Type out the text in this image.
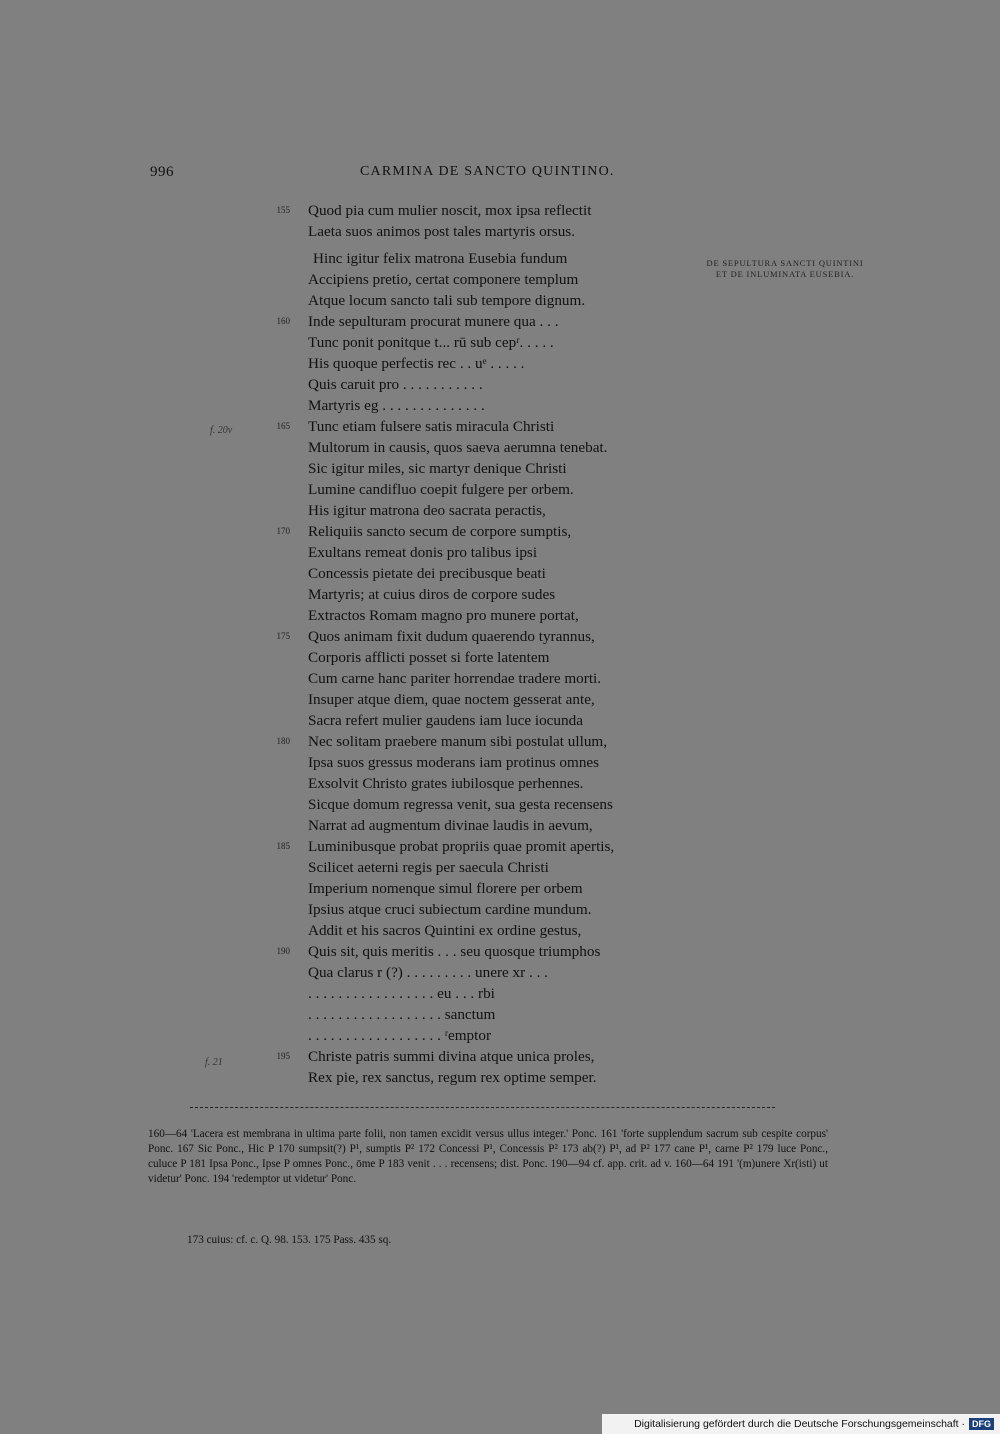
996	CARMINA DE SANCTO QUINTINO.
DE SEPULTURA SANCTI QUINTINI ET DE INLUMINATA EUSEBIA.
f. 20v
f. 21
Quod pia cum mulier noscit, mox ipsa reflectit
155
Laeta suos animos post tales martyris orsus.
Hinc igitur felix matrona Eusebia fundum
Accipiens pretio, certat componere templum
Atque locum sancto tali sub tempore dignum.
Inde sepulturam procurat munere qua . . .
160
Tunc ponit ponitque t... rū sub cepʳ. . . . .
His quoque perfectis rec . . uᵉ . . . . .
Quis caruit pro . . . . . . . . . . .
Martyris eg . . . . . . . . . . . . . .
Tunc etiam fulsere satis miracula Christi
165
Multorum in causis, quos saeva aerumna tenebat.
Sic igitur miles, sic martyr denique Christi
Lumine candifluo coepit fulgere per orbem.
His igitur matrona deo sacrata peractis,
Reliquiis sancto secum de corpore sumptis,
170
Exultans remeat donis pro talibus ipsi
Concessis pietate dei precibusque beati
Martyris; at cuius diros de corpore sudes
Extractos Romam magno pro munere portat,
Quos animam fixit dudum quaerendo tyrannus,
175
Corporis afflicti posset si forte latentem
Cum carne hanc pariter horrendae tradere morti.
Insuper atque diem, quae noctem gesserat ante,
Sacra refert mulier gaudens iam luce iocunda
Nec solitam praebere manum sibi postulat ullum,
180
Ipsa suos gressus moderans iam protinus omnes
Exsolvit Christo grates iubilosque perhennes.
Sicque domum regressa venit, sua gesta recensens
Narrat ad augmentum divinae laudis in aevum,
Luminibusque probat propriis quae promit apertis,
185
Scilicet aeterni regis per saecula Christi
Imperium nomenque simul florere per orbem
Ipsius atque cruci subiectum cardine mundum.
Addit et his sacros Quintini ex ordine gestus,
Quis sit, quis meritis . . . seu quosque triumphos
190
Qua clarus r (?) . . . . . . . . . unere xr . . .
. . . . . . . . . . . . . . . . . eu . . . rbi
. . . . . . . . . . . . . . . . . . sanctum
. . . . . . . . . . . . . . . . . . ʳemptor
Christe patris summi divina atque unica proles,
195
Rex pie, rex sanctus, regum rex optime semper.

160—64 'Lacera est membrana in ultima parte folii, non tamen excidit versus ullus integer.' Ponc. 161 'forte supplendum sacrum sub cespite corpus' Ponc. 167 Sic Ponc., Hic P 170 sumpsit(?) P¹, sumptis P² 172 Concessi P¹, Concessis P² 173 ab(?) P¹, ad P² 177 cane P¹, carne P² 179 luce Ponc., culuce P 181 Ipsa Ponc., Ipse P omnes Ponc., ōme P 183 venit . . . recensens; dist. Ponc. 190—94 cf. app. crit. ad v. 160—64 191 '(m)unere Xr(isti) ut videtur' Ponc. 194 'redemptor ut videtur' Ponc.

173 cuius: cf. c. Q. 98. 153. 175 Pass. 435 sq.
Digitalisierung gefördert durch die Deutsche Forschungsgemeinschaft · DFG
